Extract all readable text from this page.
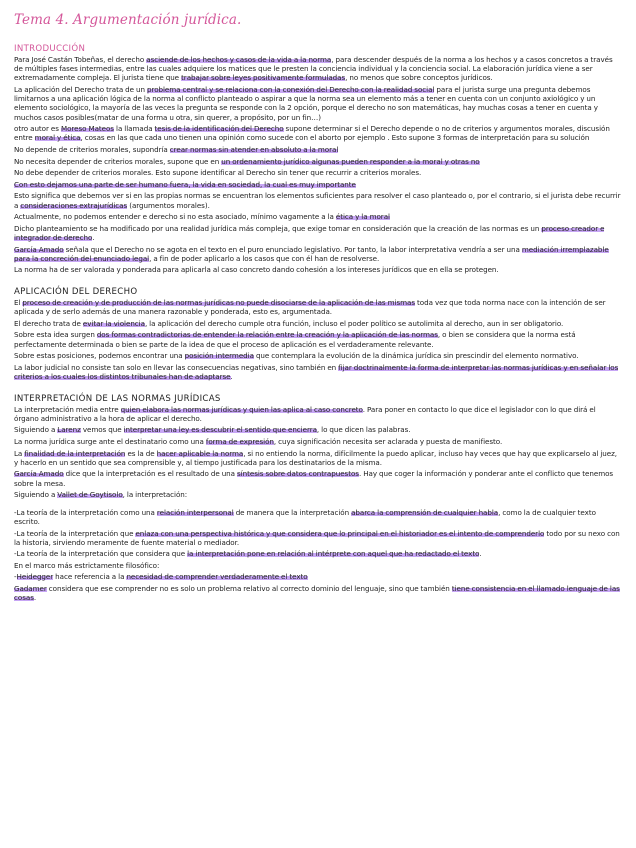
Tema 4. Argumentación jurídica.
INTRODUCCIÓN

Para José Castán Tobeñas, el derecho asciende de los hechos y casos de la vida a la norma, para descender después de la norma a los hechos y a casos concretos a través de múltiples fases intermedias, entre las cuales adquiere los matices que le presten la conciencia individual y la conciencia social. La elaboración jurídica viene a ser extremadamente compleja. El jurista tiene que trabajar sobre leyes positivamente formuladas, no menos que sobre conceptos jurídicos.

La aplicación del Derecho trata de un problema central y se relaciona con la conexión del Derecho con la realidad social para el jurista surge una pregunta debemos limitarnos a una aplicación lógica de la norma al conflicto planteado o aspirar a que la norma sea un elemento más a tener en cuenta con un conjunto axiológico y un elemento sociológico, la mayoría de las veces la pregunta se responde con la 2 opción, porque el derecho no son matemáticas, hay muchas cosas a tener en cuenta y muchos casos posibles(matar de una forma u otra, sin querer, a propósito, por un fin…)

otro autor es Moreso Mateos la llamada tesis de la identificación del Derecho supone determinar si el Derecho depende o no de criterios y argumentos morales, discusión entre moral y ética, cosas en las que cada uno tienen una opinión como sucede con el aborto por ejemplo . Esto supone 3 formas de interpretación para su solución

No depende de criterios morales, supondría crear normas sin atender en absoluto a la moral

No necesita depender de criterios morales, supone que en un ordenamiento jurídico algunas pueden responder a la moral y otras no

No debe depender de criterios morales. Esto supone identificar al Derecho sin tener que recurrir a criterios morales.

Con esto dejamos una parte de ser humano fuera, la vida en sociedad, la cual es muy importante

Esto significa que debemos ver si en las propias normas se encuentran los elementos suficientes para resolver el caso planteado o, por el contrario, si el jurista debe recurrir a consideraciones extrajurídicas (argumentos morales).

Actualmente, no podemos entender e derecho si no esta asociado, mínimo vagamente a la ética y la moral

Dicho planteamiento se ha modificado por una realidad jurídica más compleja, que exige tomar en consideración que la creación de las normas es un proceso creador e integrador de derecho.

García Amado señala que el Derecho no se agota en el texto en el puro enunciado legislativo. Por tanto, la labor interpretativa vendría a ser una mediación irremplazable para la concreción del enunciado legal, a fin de poder aplicarlo a los casos que con él han de resolverse.

La norma ha de ser valorada y ponderada para aplicarla al caso concreto dando cohesión a los intereses jurídicos que en ella se protegen.

APLICACIÓN DEL DERECHO

El proceso de creación y de producción de las normas jurídicas no puede disociarse de la aplicación de las mismas toda vez que toda norma nace con la intención de ser aplicada y de serlo además de una manera razonable y ponderada, esto es, argumentada.

El derecho trata de evitar la violencia, la aplicación del derecho cumple otra función, incluso el poder político se autolimita al derecho, aun in ser obligatorio.

Sobre esta idea surgen dos formas contradictorias de entender la relación entre la creación y la aplicación de las normas, o bien se considera que la norma está perfectamente determinada o bien se parte de la idea de que el proceso de aplicación es el verdaderamente relevante.

Sobre estas posiciones, podemos encontrar una posición intermedia que contemplara la evolución de la dinámica jurídica sin prescindir del elemento normativo.

La labor judicial no consiste tan solo en llevar las consecuencias negativas, sino también en fijar doctrinalmente la forma de interpretar las normas jurídicas y en señalar los criterios a los cuales los distintos tribunales han de adaptarse.

INTERPRETACIÓN DE LAS NORMAS JURÍDICAS

La interpretación media entre quien elabora las normas jurídicas y quien las aplica al caso concreto. Para poner en contacto lo que dice el legislador con lo que dirá el órgano administrativo a la hora de aplicar el derecho.

Siguiendo a Larenz vemos que interpretar una ley es descubrir el sentido que encierra, lo que dicen las palabras.

La norma jurídica surge ante el destinatario como una forma de expresión, cuya significación necesita ser aclarada y puesta de manifiesto.

La finalidad de la interpretación es la de hacer aplicable la norma, si no entiendo la norma, difícilmente la puedo aplicar, incluso hay veces que hay que explicarselo al juez, y hacerlo en un sentido que sea comprensible y, al tiempo justificada para los destinatarios de la misma.

García Amado dice que la interpretación es el resultado de una síntesis sobre datos contrapuestos. Hay que coger la información y ponderar ante el conflicto que tenemos sobre la mesa.

Siguiendo a Vallet de Goytisolo, la interpretación:

-La teoría de la interpretación como una relación interpersonal de manera que la interpretación abarca la comprensión de cualquier habla, como la de cualquier texto escrito.

-La teoría de la interpretación que enlaza con una perspectiva histórica y que considera que lo principal en el historiador es el intento de comprenderlo todo por su nexo con la historia, sirviendo meramente de fuente material o mediador.

-La teoría de la interpretación que considera que la interpretación pone en relación al intérprete con aquel que ha redactado el texto.

En el marco más estrictamente filosófico:

-Heidegger hace referencia a la necesidad de comprender verdaderamente el texto

Gadamer considera que ese comprender no es solo un problema relativo al correcto dominio del lenguaje, sino que también tiene consistencia en el llamado lenguaje de las cosas.
